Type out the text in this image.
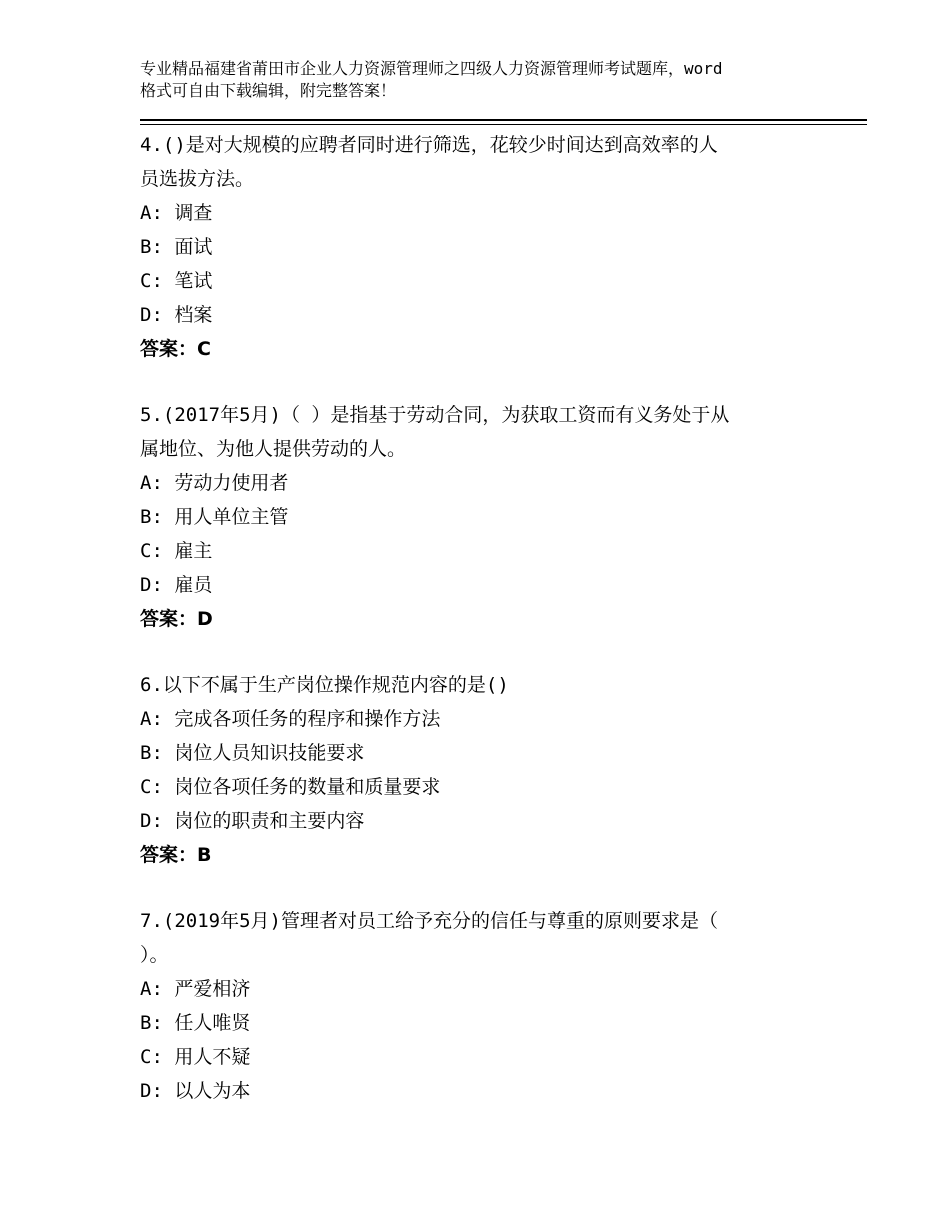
专业精品福建省莆田市企业人力资源管理师之四级人力资源管理师考试题库，word
格式可自由下载编辑，附完整答案！
4.()是对大规模的应聘者同时进行筛选，花较少时间达到高效率的人
员选拔方法。
A: 调查
B: 面试
C: 笔试
D: 档案
答案：C
5.(2017年5月)（ ）是指基于劳动合同，为获取工资而有义务处于从
属地位、为他人提供劳动的人。
A: 劳动力使用者
B: 用人单位主管
C: 雇主
D: 雇员
答案：D
6.以下不属于生产岗位操作规范内容的是()
A: 完成各项任务的程序和操作方法
B: 岗位人员知识技能要求
C: 岗位各项任务的数量和质量要求
D: 岗位的职责和主要内容
答案：B
7.(2019年5月)管理者对员工给予充分的信任与尊重的原则要求是（
）。
A: 严爱相济
B: 任人唯贤
C: 用人不疑
D: 以人为本
